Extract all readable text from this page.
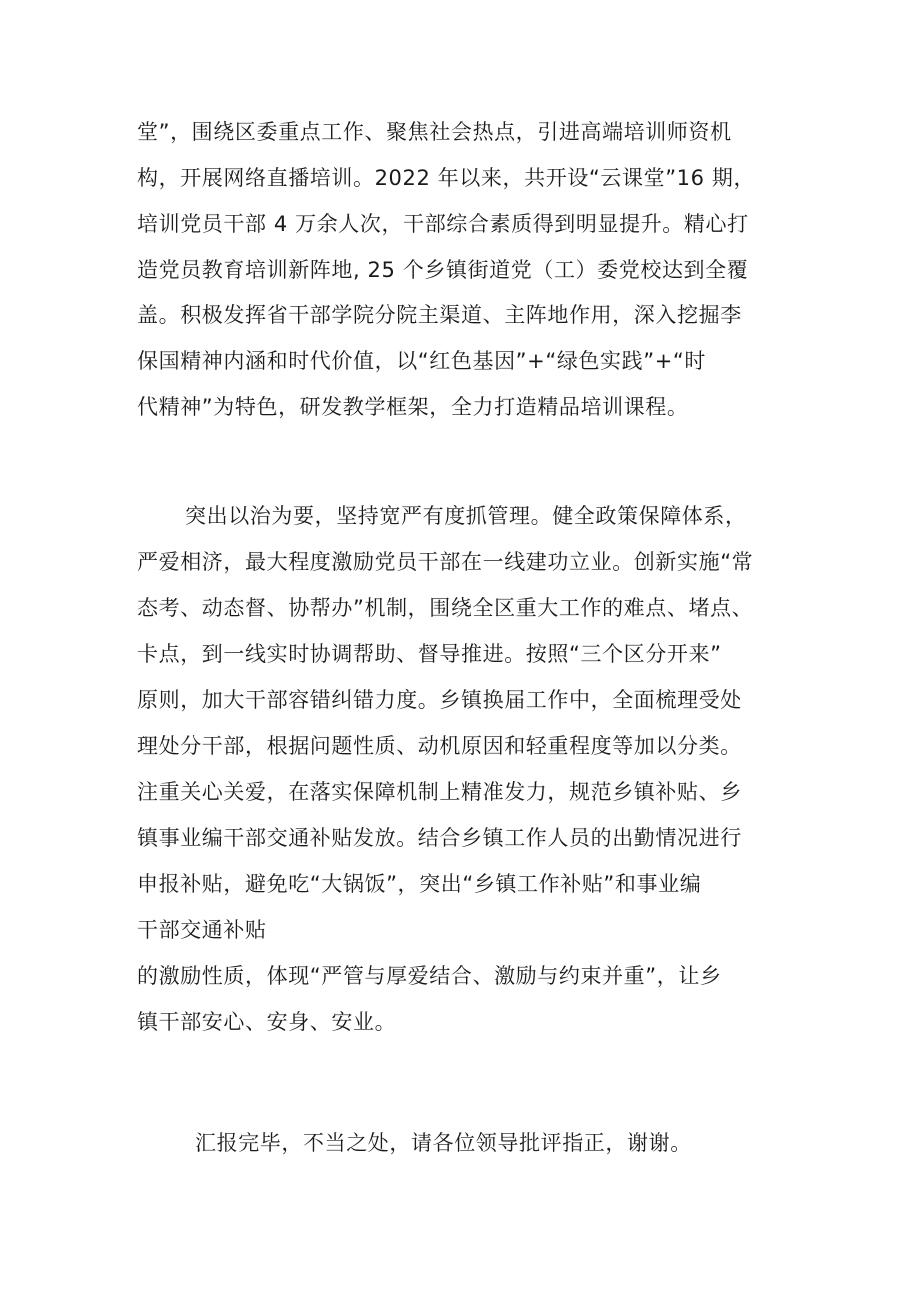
堂”，围绕区委重点工作、聚焦社会热点，引进高端培训师资机
构，开展网络直播培训。2022 年以来，共开设“云课堂”16 期，
培训党员干部 4 万余人次，干部综合素质得到明显提升。精心打
造党员教育培训新阵地, 25 个乡镇街道党（工）委党校达到全覆
盖。积极发挥省干部学院分院主渠道、主阵地作用，深入挖掘李
保国精神内涵和时代价值，以“红色基因”+“绿色实践”+“时
代精神”为特色，研发教学框架，全力打造精品培训课程。
突出以治为要，坚持宽严有度抓管理。健全政策保障体系，
严爱相济，最大程度激励党员干部在一线建功立业。创新实施“常
态考、动态督、协帮办”机制，围绕全区重大工作的难点、堵点、
卡点，到一线实时协调帮助、督导推进。按照“三个区分开来”
原则，加大干部容错纠错力度。乡镇换届工作中，全面梳理受处
理处分干部，根据问题性质、动机原因和轻重程度等加以分类。
注重关心关爱，在落实保障机制上精准发力，规范乡镇补贴、乡
镇事业编干部交通补贴发放。结合乡镇工作人员的出勤情况进行
申报补贴，避免吃“大锅饭”，突出“乡镇工作补贴”和事业编
干部交通补贴
的激励性质，体现“严管与厚爱结合、激励与约束并重”，让乡
镇干部安心、安身、安业。
汇报完毕，不当之处，请各位领导批评指正，谢谢。
